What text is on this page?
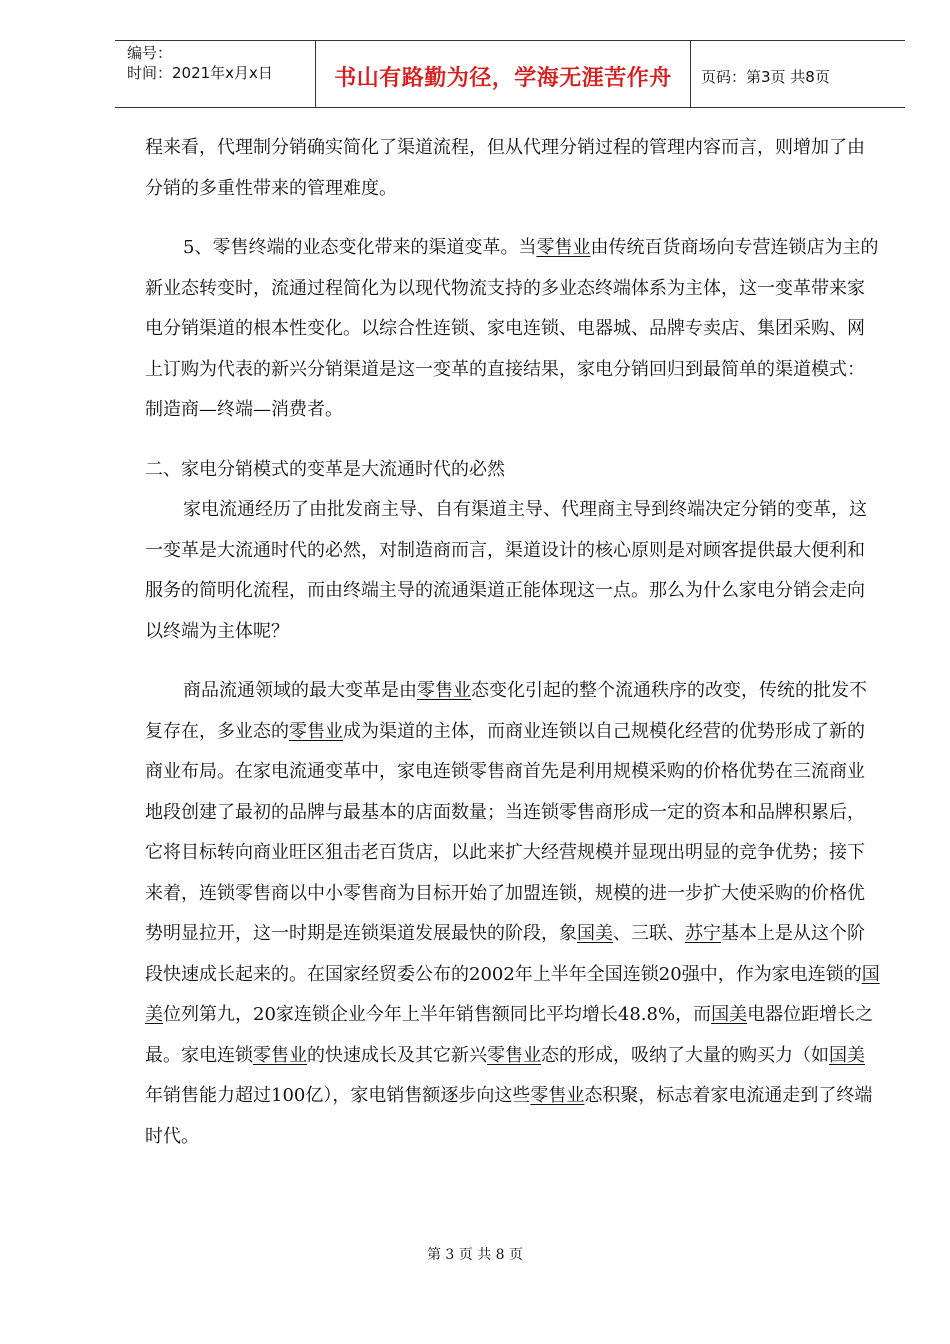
编号：
时间：2021年x月x日	书山有路勤为径，学海无涯苦作舟	页码：第3页 共8页

程来看，代理制分销确实简化了渠道流程，但从代理分销过程的管理内容而言，则增加了由分销的多重性带来的管理难度。

5、零售终端的业态变化带来的渠道变革。当零售业由传统百货商场向专营连锁店为主的新业态转变时，流通过程简化为以现代物流支持的多业态终端体系为主体，这一变革带来家电分销渠道的根本性变化。以综合性连锁、家电连锁、电器城、品牌专卖店、集团采购、网上订购为代表的新兴分销渠道是这一变革的直接结果，家电分销回归到最简单的渠道模式：制造商—终端—消费者。

二、家电分销模式的变革是大流通时代的必然

家电流通经历了由批发商主导、自有渠道主导、代理商主导到终端决定分销的变革，这一变革是大流通时代的必然，对制造商而言，渠道设计的核心原则是对顾客提供最大便利和服务的简明化流程，而由终端主导的流通渠道正能体现这一点。那么为什么家电分销会走向以终端为主体呢？

商品流通领域的最大变革是由零售业态变化引起的整个流通秩序的改变，传统的批发不复存在，多业态的零售业成为渠道的主体，而商业连锁以自己规模化经营的优势形成了新的商业布局。在家电流通变革中，家电连锁零售商首先是利用规模采购的价格优势在三流商业地段创建了最初的品牌与最基本的店面数量；当连锁零售商形成一定的资本和品牌积累后，它将目标转向商业旺区狙击老百货店，以此来扩大经营规模并显现出明显的竞争优势；接下来着，连锁零售商以中小零售商为目标开始了加盟连锁，规模的进一步扩大使采购的价格优势明显拉开，这一时期是连锁渠道发展最快的阶段，象国美、三联、苏宁基本上是从这个阶段快速成长起来的。在国家经贸委公布的2002年上半年全国连锁20强中，作为家电连锁的国美位列第九，20家连锁企业今年上半年销售额同比平均增长48.8%，而国美电器位距增长之最。家电连锁零售业的快速成长及其它新兴零售业态的形成，吸纳了大量的购买力（如国美年销售能力超过100亿），家电销售额逐步向这些零售业态积聚，标志着家电流通走到了终端时代。

第 3 页 共 8 页
